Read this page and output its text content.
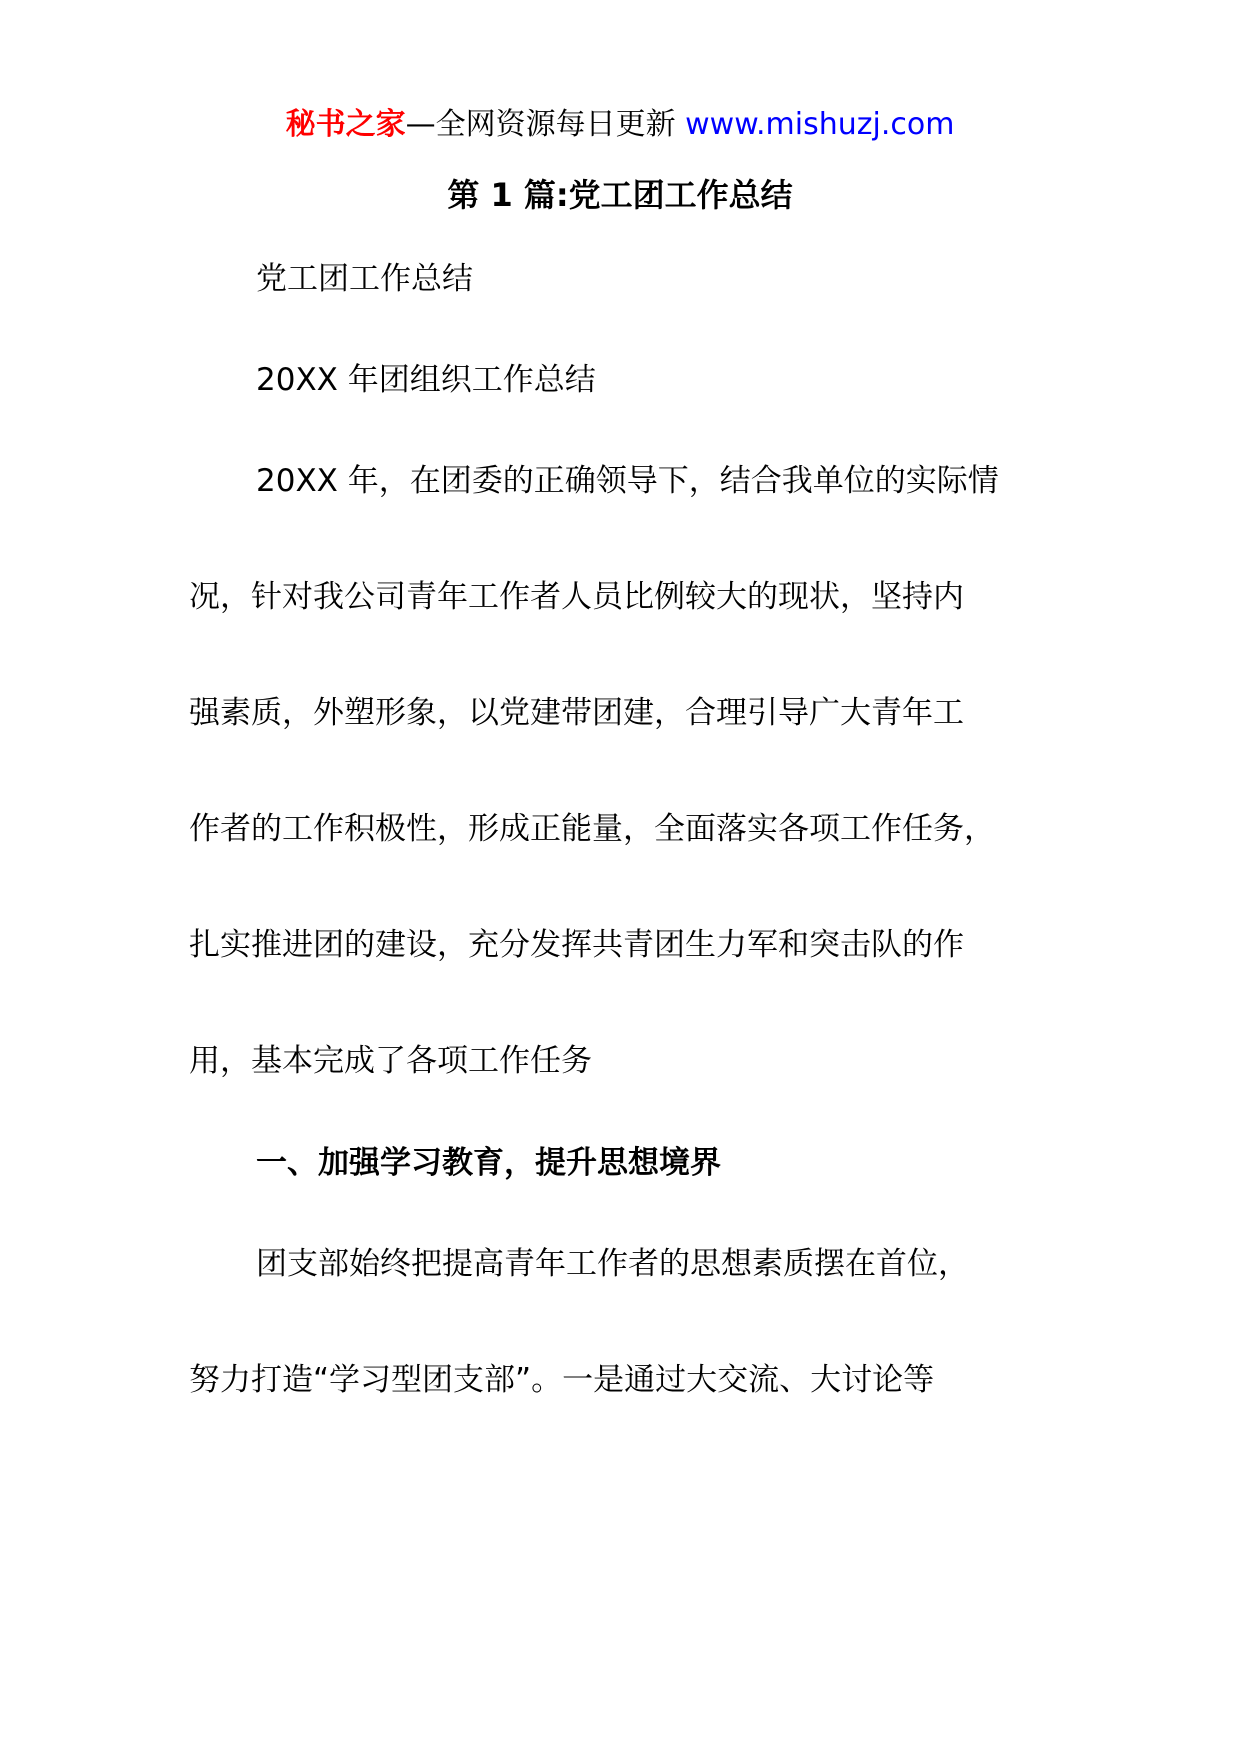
秘书之家—全网资源每日更新 www.mishuzj.com
第 1 篇:党工团工作总结
党工团工作总结
20XX 年团组织工作总结
20XX 年，在团委的正确领导下，结合我单位的实际情
况，针对我公司青年工作者人员比例较大的现状，坚持内
强素质，外塑形象，以党建带团建，合理引导广大青年工
作者的工作积极性，形成正能量，全面落实各项工作任务，
扎实推进团的建设，充分发挥共青团生力军和突击队的作
用，基本完成了各项工作任务
一、加强学习教育，提升思想境界
团支部始终把提高青年工作者的思想素质摆在首位，
努力打造“学习型团支部”。一是通过大交流、大讨论等
